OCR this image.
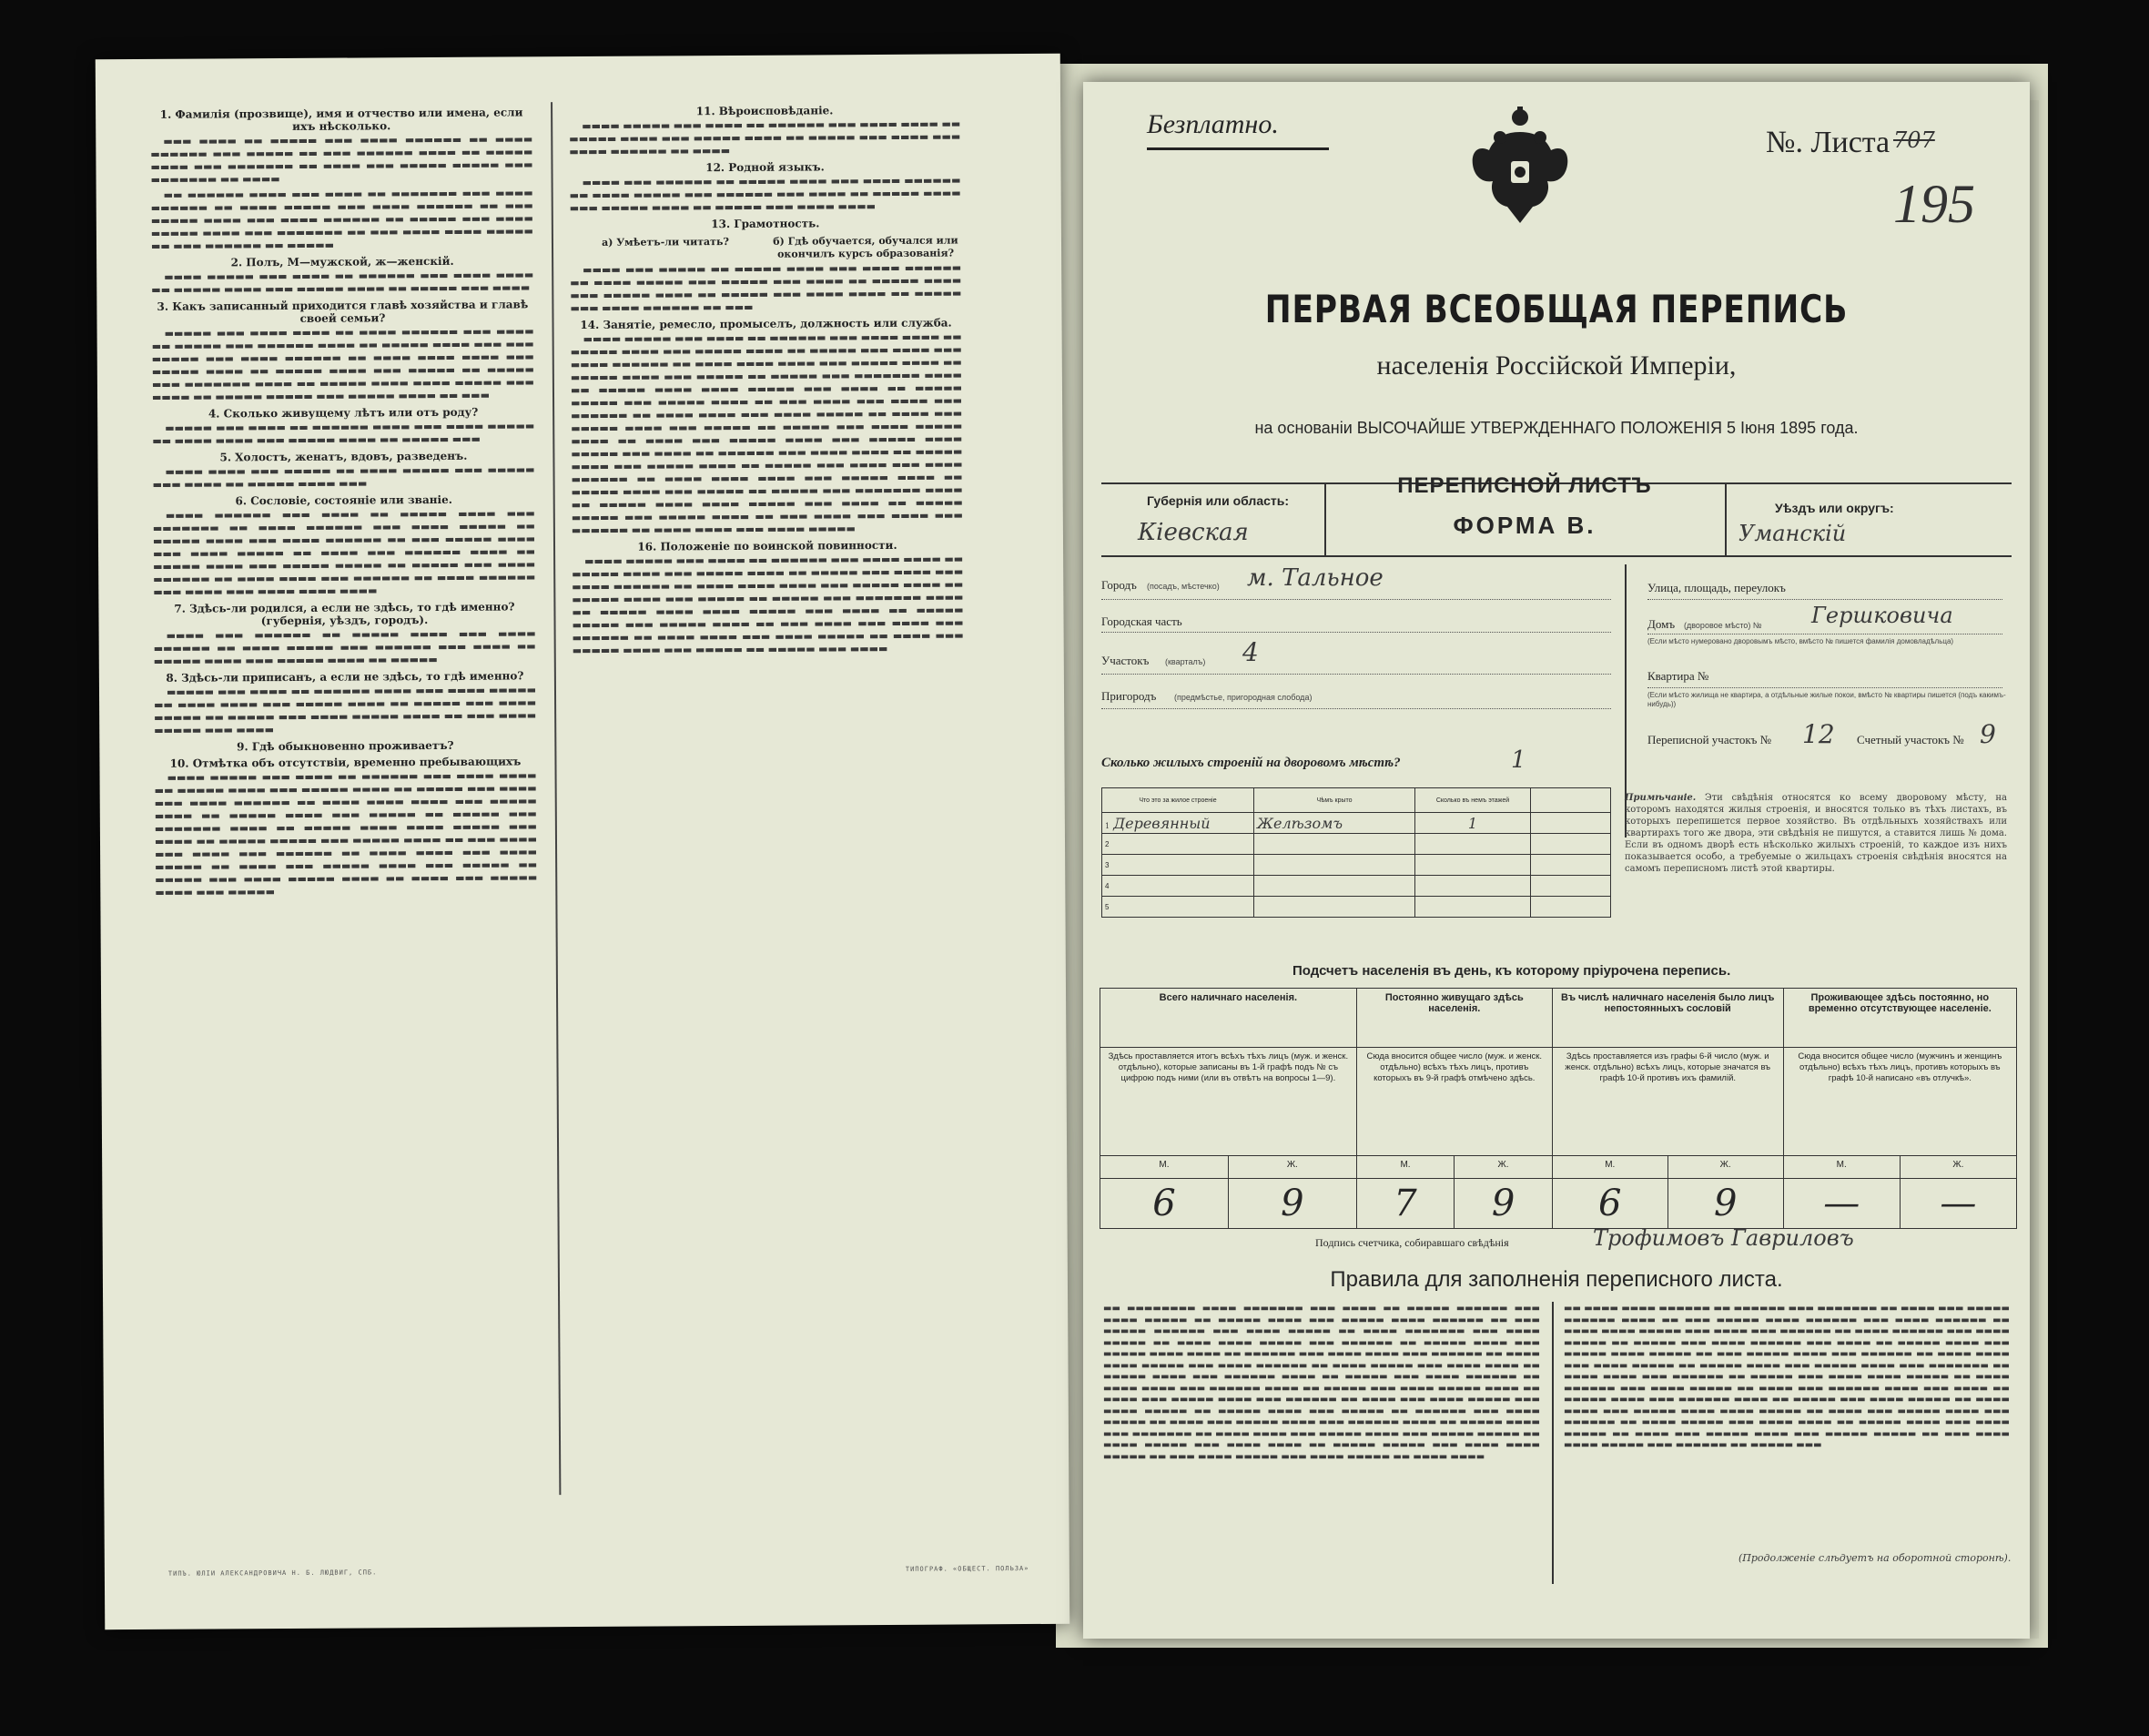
1. Фамилія (прозвище), имя и отчество или имена, если ихъ нѣсколько.

▬▬▬ ▬▬▬▬ ▬▬ ▬▬▬▬▬ ▬▬▬ ▬▬▬▬ ▬▬▬▬▬▬ ▬▬ ▬▬▬▬ ▬▬▬▬▬▬ ▬▬▬ ▬▬▬▬▬ ▬▬ ▬▬▬ ▬▬▬▬▬▬ ▬▬▬▬ ▬▬ ▬▬▬▬▬ ▬▬▬▬ ▬▬▬ ▬▬▬▬▬▬▬ ▬▬ ▬▬▬▬ ▬▬▬ ▬▬▬▬▬ ▬▬▬▬▬ ▬▬▬ ▬▬▬▬▬▬▬ ▬▬ ▬▬▬▬

▬▬ ▬▬▬▬▬▬ ▬▬▬▬ ▬▬▬ ▬▬▬▬ ▬▬ ▬▬▬▬▬▬▬ ▬▬▬ ▬▬▬▬ ▬▬▬▬▬▬ ▬▬ ▬▬▬▬ ▬▬▬▬▬ ▬▬▬ ▬▬▬▬ ▬▬▬▬▬▬ ▬▬ ▬▬▬ ▬▬▬▬▬ ▬▬▬▬ ▬▬▬ ▬▬▬▬ ▬▬▬▬▬▬ ▬▬ ▬▬▬▬▬ ▬▬▬ ▬▬▬▬ ▬▬▬▬▬ ▬▬▬▬ ▬▬▬ ▬▬▬▬▬▬▬ ▬▬ ▬▬▬ ▬▬▬▬ ▬▬▬▬ ▬▬▬▬▬ ▬▬ ▬▬▬ ▬▬▬▬▬▬ ▬▬ ▬▬▬▬▬

2. Полъ, М—мужской, ж—женскій.

▬▬▬▬ ▬▬▬▬▬ ▬▬▬ ▬▬▬▬ ▬▬ ▬▬▬▬▬▬ ▬▬▬ ▬▬▬▬ ▬▬▬▬ ▬▬ ▬▬▬▬▬ ▬▬▬▬ ▬▬▬ ▬▬▬▬▬ ▬▬▬▬ ▬▬ ▬▬▬▬▬ ▬▬▬ ▬▬▬▬

3. Какъ записанный приходится главѣ хозяйства и главѣ своей семьи?

▬▬▬▬▬ ▬▬▬ ▬▬▬▬ ▬▬▬▬ ▬▬ ▬▬▬▬ ▬▬▬▬▬▬ ▬▬▬ ▬▬▬▬ ▬▬ ▬▬▬▬▬ ▬▬▬ ▬▬▬▬▬▬ ▬▬▬▬ ▬▬ ▬▬▬▬▬ ▬▬▬▬ ▬▬▬ ▬▬▬ ▬▬▬▬▬ ▬▬▬ ▬▬▬▬ ▬▬▬▬▬▬ ▬▬ ▬▬▬▬ ▬▬▬▬ ▬▬▬▬ ▬▬▬ ▬▬▬▬▬ ▬▬▬▬ ▬▬ ▬▬▬▬▬ ▬▬▬▬ ▬▬▬ ▬▬▬▬▬ ▬▬ ▬▬▬▬▬ ▬▬▬ ▬▬▬▬▬▬▬ ▬▬▬▬ ▬▬ ▬▬▬▬▬ ▬▬▬▬ ▬▬▬▬ ▬▬▬▬▬ ▬▬▬ ▬▬▬▬ ▬▬ ▬▬▬▬▬ ▬▬▬▬▬ ▬▬▬ ▬▬▬▬▬ ▬▬▬▬ ▬▬ ▬▬▬

4. Сколько живущему лѣтъ или отъ роду?

▬▬▬▬▬ ▬▬▬ ▬▬▬▬ ▬▬ ▬▬▬▬▬▬ ▬▬▬▬ ▬▬▬ ▬▬▬▬ ▬▬▬▬▬ ▬▬ ▬▬▬▬ ▬▬▬▬ ▬▬▬ ▬▬▬▬▬ ▬▬▬▬ ▬▬ ▬▬▬▬▬ ▬▬▬

5. Холостъ, женатъ, вдовъ, разведенъ.

▬▬▬▬ ▬▬▬▬ ▬▬▬ ▬▬▬▬▬ ▬▬ ▬▬▬▬ ▬▬▬▬▬ ▬▬▬ ▬▬▬▬▬ ▬▬▬ ▬▬▬▬ ▬▬ ▬▬▬▬▬ ▬▬▬▬ ▬▬▬

6. Сословіе, состояніе или званіе.

▬▬▬▬ ▬▬▬▬▬▬ ▬▬▬ ▬▬▬▬ ▬▬ ▬▬▬▬▬ ▬▬▬▬ ▬▬▬ ▬▬▬▬▬▬▬ ▬▬ ▬▬▬▬ ▬▬▬▬▬▬ ▬▬▬ ▬▬▬▬ ▬▬▬▬▬ ▬▬ ▬▬▬▬▬ ▬▬▬▬ ▬▬▬ ▬▬▬▬ ▬▬▬▬▬▬ ▬▬ ▬▬▬ ▬▬▬▬▬ ▬▬▬▬ ▬▬▬ ▬▬▬▬ ▬▬▬▬▬ ▬▬ ▬▬▬▬ ▬▬▬ ▬▬▬▬▬▬ ▬▬▬▬ ▬▬ ▬▬▬▬▬ ▬▬▬▬ ▬▬▬ ▬▬▬▬▬ ▬▬▬▬▬ ▬▬ ▬▬▬▬▬ ▬▬▬ ▬▬▬▬ ▬▬▬▬▬▬ ▬▬ ▬▬▬▬ ▬▬▬▬ ▬▬▬ ▬▬▬▬▬▬ ▬▬ ▬▬▬▬ ▬▬▬▬▬▬ ▬▬▬ ▬▬▬▬ ▬▬▬ ▬▬▬▬ ▬▬▬▬ ▬▬▬▬

7. Здѣсь-ли родился, а если не здѣсь, то гдѣ именно? (губернія, уѣздъ, городъ).

▬▬▬▬ ▬▬▬ ▬▬▬▬▬▬ ▬▬ ▬▬▬▬▬ ▬▬▬▬ ▬▬▬ ▬▬▬▬ ▬▬▬▬▬▬ ▬▬ ▬▬▬▬ ▬▬▬▬▬ ▬▬▬ ▬▬▬▬▬▬ ▬▬▬ ▬▬▬▬ ▬▬ ▬▬▬▬▬ ▬▬▬▬ ▬▬▬ ▬▬▬▬▬ ▬▬▬▬ ▬▬ ▬▬▬▬▬

8. Здѣсь-ли приписанъ, а если не здѣсь, то гдѣ именно?

▬▬▬▬▬ ▬▬▬ ▬▬▬▬ ▬▬ ▬▬▬▬▬▬ ▬▬▬▬ ▬▬▬ ▬▬▬▬ ▬▬▬▬▬ ▬▬ ▬▬▬▬ ▬▬▬▬ ▬▬▬ ▬▬▬▬▬ ▬▬▬▬ ▬▬ ▬▬▬▬▬ ▬▬▬ ▬▬▬▬ ▬▬▬▬▬ ▬▬ ▬▬▬▬▬ ▬▬▬ ▬▬▬▬ ▬▬▬▬▬ ▬▬▬▬ ▬▬ ▬▬▬ ▬▬▬▬ ▬▬▬▬▬ ▬▬▬ ▬▬▬▬

9. Гдѣ обыкновенно проживаетъ?
10. Отмѣтка объ отсутствіи, временно пребывающихъ

▬▬▬▬ ▬▬▬▬▬ ▬▬▬ ▬▬▬▬ ▬▬ ▬▬▬▬▬▬ ▬▬▬ ▬▬▬▬ ▬▬▬▬ ▬▬ ▬▬▬▬▬ ▬▬▬▬ ▬▬▬ ▬▬▬▬▬ ▬▬▬▬ ▬▬ ▬▬▬▬▬ ▬▬▬ ▬▬▬▬ ▬▬▬ ▬▬▬▬ ▬▬▬▬▬▬ ▬▬ ▬▬▬▬ ▬▬▬▬ ▬▬▬▬ ▬▬▬ ▬▬▬▬▬ ▬▬▬▬ ▬▬ ▬▬▬▬▬ ▬▬▬▬ ▬▬▬ ▬▬▬▬▬ ▬▬ ▬▬▬▬▬ ▬▬▬ ▬▬▬▬▬▬▬ ▬▬▬▬ ▬▬ ▬▬▬▬▬ ▬▬▬▬ ▬▬▬▬ ▬▬▬▬▬ ▬▬▬ ▬▬▬▬ ▬▬ ▬▬▬▬▬ ▬▬▬▬▬ ▬▬▬ ▬▬▬▬▬ ▬▬▬▬ ▬▬ ▬▬▬ ▬▬▬▬ ▬▬▬ ▬▬▬▬ ▬▬▬ ▬▬▬▬▬▬ ▬▬ ▬▬▬▬ ▬▬▬▬ ▬▬▬ ▬▬▬▬ ▬▬▬▬▬ ▬▬ ▬▬▬▬ ▬▬▬ ▬▬▬▬▬ ▬▬▬▬ ▬▬▬ ▬▬▬▬▬ ▬▬ ▬▬▬▬▬ ▬▬▬ ▬▬▬▬ ▬▬▬▬▬ ▬▬▬▬ ▬▬ ▬▬▬▬ ▬▬▬ ▬▬▬▬▬ ▬▬▬▬ ▬▬▬ ▬▬▬▬▬

11. Вѣроисповѣданіе.

▬▬▬▬ ▬▬▬▬▬ ▬▬▬ ▬▬▬▬ ▬▬ ▬▬▬▬▬▬ ▬▬▬ ▬▬▬▬ ▬▬▬▬ ▬▬ ▬▬▬▬▬ ▬▬▬▬ ▬▬▬ ▬▬▬▬▬ ▬▬▬▬ ▬▬ ▬▬▬▬▬ ▬▬▬ ▬▬▬▬ ▬▬▬ ▬▬▬▬ ▬▬▬▬▬▬ ▬▬ ▬▬▬▬

12. Родной языкъ.

▬▬▬▬ ▬▬▬ ▬▬▬▬▬▬ ▬▬ ▬▬▬▬▬ ▬▬▬▬ ▬▬▬ ▬▬▬▬ ▬▬▬▬▬▬ ▬▬ ▬▬▬▬ ▬▬▬▬▬ ▬▬▬ ▬▬▬▬▬▬ ▬▬▬ ▬▬▬▬ ▬▬ ▬▬▬▬▬ ▬▬▬▬ ▬▬▬ ▬▬▬▬▬ ▬▬▬▬ ▬▬ ▬▬▬▬▬ ▬▬▬ ▬▬▬▬ ▬▬▬▬

13. Грамотность.
а) Умѣетъ-ли читать?	б) Гдѣ обучается, обучался или окончилъ курсъ образованія?

▬▬▬▬ ▬▬▬ ▬▬▬▬▬ ▬▬ ▬▬▬▬▬ ▬▬▬▬ ▬▬▬ ▬▬▬▬ ▬▬▬▬▬▬ ▬▬ ▬▬▬▬ ▬▬▬▬▬ ▬▬▬ ▬▬▬▬▬ ▬▬▬ ▬▬▬▬ ▬▬ ▬▬▬▬▬ ▬▬▬▬ ▬▬▬ ▬▬▬▬▬ ▬▬▬▬ ▬▬ ▬▬▬▬▬ ▬▬▬ ▬▬▬▬ ▬▬▬▬ ▬▬ ▬▬▬▬▬ ▬▬▬ ▬▬▬▬ ▬▬▬▬▬▬ ▬▬ ▬▬▬

14. Занятіе, ремесло, промыселъ, должность или служба.

▬▬▬▬ ▬▬▬▬▬ ▬▬▬ ▬▬▬▬ ▬▬ ▬▬▬▬▬▬ ▬▬▬ ▬▬▬▬ ▬▬▬▬ ▬▬ ▬▬▬▬▬ ▬▬▬▬ ▬▬▬ ▬▬▬▬▬ ▬▬▬▬ ▬▬ ▬▬▬▬▬ ▬▬▬ ▬▬▬▬ ▬▬▬ ▬▬▬▬ ▬▬▬▬▬▬ ▬▬ ▬▬▬▬ ▬▬▬▬ ▬▬▬▬ ▬▬▬ ▬▬▬▬▬ ▬▬▬▬ ▬▬ ▬▬▬▬▬ ▬▬▬▬ ▬▬▬ ▬▬▬▬▬ ▬▬ ▬▬▬▬▬ ▬▬▬ ▬▬▬▬▬▬▬ ▬▬▬▬ ▬▬ ▬▬▬▬▬ ▬▬▬▬ ▬▬▬▬ ▬▬▬▬▬ ▬▬▬ ▬▬▬▬ ▬▬ ▬▬▬▬▬ ▬▬▬▬▬ ▬▬▬ ▬▬▬▬▬ ▬▬▬▬ ▬▬ ▬▬▬ ▬▬▬▬ ▬▬▬ ▬▬▬▬ ▬▬▬ ▬▬▬▬▬▬ ▬▬ ▬▬▬▬ ▬▬▬▬ ▬▬▬ ▬▬▬▬ ▬▬▬▬▬ ▬▬ ▬▬▬▬ ▬▬▬ ▬▬▬▬▬ ▬▬▬▬ ▬▬▬ ▬▬▬▬▬ ▬▬ ▬▬▬▬▬ ▬▬▬ ▬▬▬▬ ▬▬▬▬▬ ▬▬▬▬ ▬▬ ▬▬▬▬ ▬▬▬ ▬▬▬▬▬ ▬▬▬▬ ▬▬▬ ▬▬▬▬▬ ▬▬▬▬ ▬▬▬▬▬ ▬▬▬ ▬▬▬▬ ▬▬ ▬▬▬▬▬▬ ▬▬▬ ▬▬▬▬ ▬▬▬▬ ▬▬ ▬▬▬▬▬ ▬▬▬▬ ▬▬▬ ▬▬▬▬▬ ▬▬▬▬ ▬▬ ▬▬▬▬▬ ▬▬▬ ▬▬▬▬ ▬▬▬ ▬▬▬▬ ▬▬▬▬▬▬ ▬▬ ▬▬▬▬ ▬▬▬▬ ▬▬▬▬ ▬▬▬ ▬▬▬▬▬ ▬▬▬▬ ▬▬ ▬▬▬▬▬ ▬▬▬▬ ▬▬▬ ▬▬▬▬▬ ▬▬ ▬▬▬▬▬ ▬▬▬ ▬▬▬▬▬▬▬ ▬▬▬▬ ▬▬ ▬▬▬▬▬ ▬▬▬▬ ▬▬▬▬ ▬▬▬▬▬ ▬▬▬ ▬▬▬▬ ▬▬ ▬▬▬▬▬ ▬▬▬▬▬ ▬▬▬ ▬▬▬▬▬ ▬▬▬▬ ▬▬ ▬▬▬ ▬▬▬▬ ▬▬▬ ▬▬▬▬ ▬▬▬ ▬▬▬▬▬▬ ▬▬ ▬▬▬▬ ▬▬▬▬ ▬▬▬ ▬▬▬▬ ▬▬▬▬▬

16. Положеніе по воинской повинности.

▬▬▬▬ ▬▬▬▬▬ ▬▬▬ ▬▬▬▬ ▬▬ ▬▬▬▬▬▬ ▬▬▬ ▬▬▬▬ ▬▬▬▬ ▬▬ ▬▬▬▬▬ ▬▬▬▬ ▬▬▬ ▬▬▬▬▬ ▬▬▬▬ ▬▬ ▬▬▬▬▬ ▬▬▬ ▬▬▬▬ ▬▬▬ ▬▬▬▬ ▬▬▬▬▬▬ ▬▬ ▬▬▬▬ ▬▬▬▬ ▬▬▬▬ ▬▬▬ ▬▬▬▬▬ ▬▬▬▬ ▬▬ ▬▬▬▬▬ ▬▬▬▬ ▬▬▬ ▬▬▬▬▬ ▬▬ ▬▬▬▬▬ ▬▬▬ ▬▬▬▬▬▬▬ ▬▬▬▬ ▬▬ ▬▬▬▬▬ ▬▬▬▬ ▬▬▬▬ ▬▬▬▬▬ ▬▬▬ ▬▬▬▬ ▬▬ ▬▬▬▬▬ ▬▬▬▬▬ ▬▬▬ ▬▬▬▬▬ ▬▬▬▬ ▬▬ ▬▬▬ ▬▬▬▬ ▬▬▬ ▬▬▬▬ ▬▬▬ ▬▬▬▬▬▬ ▬▬ ▬▬▬▬ ▬▬▬▬ ▬▬▬ ▬▬▬▬ ▬▬▬▬▬ ▬▬ ▬▬▬▬ ▬▬▬ ▬▬▬▬▬ ▬▬▬▬ ▬▬▬ ▬▬▬▬▬ ▬▬ ▬▬▬▬▬ ▬▬▬ ▬▬▬▬

ТИПЪ. ЮЛІИ АЛЕКСАНДРОВИЧА Н. Б. ЛЮДВИГ, СПБ.	ТИПОГРАФ. «ОБЩЕСТ. ПОЛЬЗА»
Безплатно.
№. Листа 707
195
ПЕРВАЯ ВСЕОБЩАЯ ПЕРЕПИСЬ
населенія Россійской Имперіи,
на основаніи ВЫСОЧАЙШЕ УТВЕРЖДЕННАГО ПОЛОЖЕНІЯ 5 Іюня 1895 года.
Губернія или область:
Кіевская
ПЕРЕПИСНОЙ ЛИСТЪ
ФОРМА В.
Уѣздъ или округъ:
Уманскій
Городъ (посадъ, мѣстечко) м. Тальное
Городская часть
Участокъ (кварталъ) 4
Пригородъ (предмѣстье, пригородная слобода)
Улица, площадь, переулокъ
Домъ (дворовое мѣсто) № Гершковича
(Если мѣсто нумеровано дворовымъ мѣсто, вмѣсто № пишется фамилія домовладѣльца)
Квартира №
(Если мѣсто жилища не квартира, а отдѣльные жилые покои, вмѣсто № квартиры пишется (подъ какимъ-нибудь))
Переписной участокъ № 12 Счетный участокъ № 9
Сколько жилыхъ строеній на дворовомъ мѣстѣ?	1
Что это за жилое строеніе	Чѣмъ крыто	Сколько въ немъ этажей	
1 Деревянный	Желѣзомъ	1	
2			
3			
4			
5			
Примѣчаніе. Эти свѣдѣнія относятся ко всему дворовому мѣсту, на которомъ находятся жилыя строенія, и вносятся только въ тѣхъ листахъ, въ которыхъ перепишется первое хозяйство. Въ отдѣльныхъ хозяйствахъ или квартирахъ того же двора, эти свѣдѣнія не пишутся, а ставится лишь № дома. Если въ одномъ дворѣ есть нѣсколько жилыхъ строеній, то каждое изъ нихъ показывается особо, а требуемые о жильцахъ строенія свѣдѣнія вносятся на самомъ переписномъ листѣ этой квартиры.
Подсчетъ населенія въ день, къ которому пріурочена перепись.
Всего наличнаго населенія.		Постоянно живущаго здѣсь населенія.		Въ числѣ наличнаго населенія было лицъ непостоянныхъ сословій		Проживающее здѣсь постоянно, но временно отсутствующее населеніе.	
Здѣсь проставляется итогъ всѣхъ тѣхъ лицъ (муж. и женск. отдѣльно), которые записаны въ 1-й графѣ подъ № съ цифрою подъ ними (или въ отвѣтъ на вопросы 1—9).		Сюда вносится общее число (муж. и женск. отдѣльно) всѣхъ тѣхъ лицъ, противъ которыхъ въ 9-й графѣ отмѣчено здѣсь.		Здѣсь проставляется изъ графы 6-й число (муж. и женск. отдѣльно) всѣхъ лицъ, которые значатся въ графѣ 10-й противъ ихъ фамилій.		Сюда вносится общее число (мужчинъ и женщинъ отдѣльно) всѣхъ тѣхъ лицъ, противъ которыхъ въ графѣ 10-й написано «въ отлучкѣ».	
М.	Ж.	М.	Ж.	М.	Ж.	М.	Ж.
6	9	7	9	6	9	—	—
Подпись счетчика, собиравшаго свѣдѣнія	Трофимовъ Гавриловъ
Правила для заполненія переписного листа.
▬▬ ▬▬▬▬▬▬▬▬ ▬▬▬▬ ▬▬▬▬▬▬▬ ▬▬▬ ▬▬▬▬ ▬▬ ▬▬▬▬▬ ▬▬▬▬▬▬ ▬▬▬ ▬▬▬▬ ▬▬▬▬▬ ▬▬ ▬▬▬▬▬ ▬▬▬▬ ▬▬▬ ▬▬▬▬▬ ▬▬▬▬ ▬▬▬▬▬▬ ▬▬ ▬▬▬ ▬▬▬▬▬ ▬▬▬▬▬▬ ▬▬▬ ▬▬▬▬ ▬▬▬▬▬ ▬▬ ▬▬▬▬ ▬▬▬▬▬▬▬ ▬▬▬ ▬▬▬▬ ▬▬▬▬▬ ▬▬ ▬▬▬▬ ▬▬▬▬ ▬▬▬▬▬ ▬▬▬ ▬▬▬▬▬▬ ▬▬ ▬▬▬▬▬ ▬▬▬▬ ▬▬▬ ▬▬▬▬▬ ▬▬▬▬ ▬▬▬▬ ▬▬ ▬▬▬▬▬▬ ▬▬▬ ▬▬▬▬ ▬▬▬▬ ▬▬▬ ▬▬▬▬▬▬ ▬▬ ▬▬▬▬ ▬▬▬▬ ▬▬▬▬▬ ▬▬▬ ▬▬▬▬ ▬▬▬▬▬▬ ▬▬ ▬▬▬▬ ▬▬▬▬▬ ▬▬▬ ▬▬▬▬ ▬▬▬▬ ▬▬ ▬▬▬▬▬ ▬▬▬▬ ▬▬▬ ▬▬▬▬▬▬ ▬▬▬▬ ▬▬ ▬▬▬▬▬ ▬▬▬ ▬▬▬▬ ▬▬▬▬▬▬ ▬▬ ▬▬▬▬ ▬▬▬▬ ▬▬▬ ▬▬▬▬▬▬ ▬▬▬▬ ▬▬ ▬▬▬▬▬ ▬▬▬ ▬▬▬▬ ▬▬▬▬▬ ▬▬▬▬ ▬▬ ▬▬▬▬ ▬▬▬ ▬▬▬▬▬ ▬▬▬▬ ▬▬▬ ▬▬▬▬▬▬ ▬▬ ▬▬▬▬ ▬▬▬ ▬▬▬▬ ▬▬▬▬▬ ▬▬▬ ▬▬▬▬ ▬▬▬▬▬ ▬▬ ▬▬▬▬▬ ▬▬▬▬ ▬▬▬ ▬▬▬▬▬ ▬▬ ▬▬▬▬▬▬ ▬▬▬ ▬▬▬▬ ▬▬▬▬▬ ▬▬ ▬▬▬▬ ▬▬▬ ▬▬▬▬▬ ▬▬▬▬ ▬▬▬ ▬▬▬▬▬▬ ▬▬▬▬ ▬▬ ▬▬▬▬▬ ▬▬▬▬ ▬▬▬ ▬▬▬▬▬▬▬ ▬▬ ▬▬▬▬ ▬▬▬▬ ▬▬▬ ▬▬▬▬▬ ▬▬▬▬ ▬▬▬ ▬▬▬▬▬ ▬▬▬▬▬ ▬▬ ▬▬▬▬ ▬▬▬▬▬ ▬▬▬ ▬▬▬▬ ▬▬▬▬ ▬▬ ▬▬▬▬▬ ▬▬▬▬▬ ▬▬▬ ▬▬▬▬ ▬▬▬▬ ▬▬▬▬▬ ▬▬ ▬▬▬ ▬▬▬▬ ▬▬▬▬▬ ▬▬▬ ▬▬▬▬ ▬▬▬▬▬ ▬▬ ▬▬▬▬ ▬▬▬▬
▬▬ ▬▬▬▬ ▬▬▬▬ ▬▬▬▬▬▬ ▬▬ ▬▬▬▬▬▬ ▬▬▬ ▬▬▬▬▬▬▬ ▬▬ ▬▬▬▬ ▬▬▬ ▬▬▬▬▬ ▬▬▬▬▬▬ ▬▬▬▬ ▬▬ ▬▬▬ ▬▬▬▬▬ ▬▬▬▬ ▬▬▬▬▬▬ ▬▬▬ ▬▬▬▬ ▬▬▬▬▬▬ ▬▬ ▬▬▬▬ ▬▬▬▬ ▬▬▬▬▬ ▬▬▬ ▬▬▬▬ ▬▬▬ ▬▬▬▬▬▬ ▬▬ ▬▬▬▬ ▬▬▬▬▬▬ ▬▬▬ ▬▬▬▬ ▬▬▬▬▬ ▬▬ ▬▬▬▬▬ ▬▬▬ ▬▬▬▬ ▬▬▬▬▬▬ ▬▬▬ ▬▬▬▬ ▬▬ ▬▬▬▬▬ ▬▬▬▬ ▬▬▬ ▬▬▬▬▬ ▬▬▬▬ ▬▬▬▬▬ ▬▬ ▬▬▬ ▬▬▬▬▬ ▬▬▬▬ ▬▬▬ ▬▬▬▬▬▬ ▬▬ ▬▬▬▬ ▬▬▬▬ ▬▬▬ ▬▬▬▬ ▬▬▬▬▬ ▬▬ ▬▬▬▬▬ ▬▬▬▬ ▬▬▬ ▬▬▬▬▬ ▬▬▬▬ ▬▬▬ ▬▬▬▬▬▬▬ ▬▬ ▬▬▬▬ ▬▬▬▬ ▬▬▬ ▬▬▬▬▬▬ ▬▬ ▬▬▬▬▬ ▬▬▬ ▬▬▬▬ ▬▬▬▬ ▬▬▬▬▬ ▬▬ ▬▬▬▬ ▬▬▬▬▬▬ ▬▬▬ ▬▬▬▬ ▬▬▬▬▬ ▬▬ ▬▬▬▬ ▬▬▬ ▬▬▬▬▬▬ ▬▬▬▬ ▬▬▬ ▬▬▬▬ ▬▬ ▬▬▬▬▬ ▬▬▬▬ ▬▬▬ ▬▬▬▬▬▬ ▬▬▬▬ ▬▬ ▬▬▬▬▬ ▬▬▬ ▬▬▬▬ ▬▬▬▬▬ ▬▬ ▬▬▬▬ ▬▬▬▬ ▬▬▬ ▬▬▬▬▬ ▬▬▬▬ ▬▬▬▬ ▬▬▬▬▬ ▬▬ ▬▬▬▬ ▬▬▬ ▬▬▬▬▬ ▬▬▬▬ ▬▬▬ ▬▬▬▬▬▬ ▬▬ ▬▬▬▬ ▬▬▬▬▬ ▬▬▬ ▬▬▬▬ ▬▬▬▬ ▬▬ ▬▬▬▬▬ ▬▬▬▬ ▬▬▬ ▬▬▬▬ ▬▬▬▬▬ ▬▬ ▬▬▬▬ ▬▬▬ ▬▬▬▬▬ ▬▬▬▬ ▬▬▬ ▬▬▬▬▬ ▬▬▬▬▬ ▬▬ ▬▬▬ ▬▬▬▬ ▬▬▬▬ ▬▬▬▬▬ ▬▬▬ ▬▬▬▬▬▬ ▬▬ ▬▬▬▬▬ ▬▬▬
(Продолженіе слѣдуетъ на оборотной сторонѣ).
